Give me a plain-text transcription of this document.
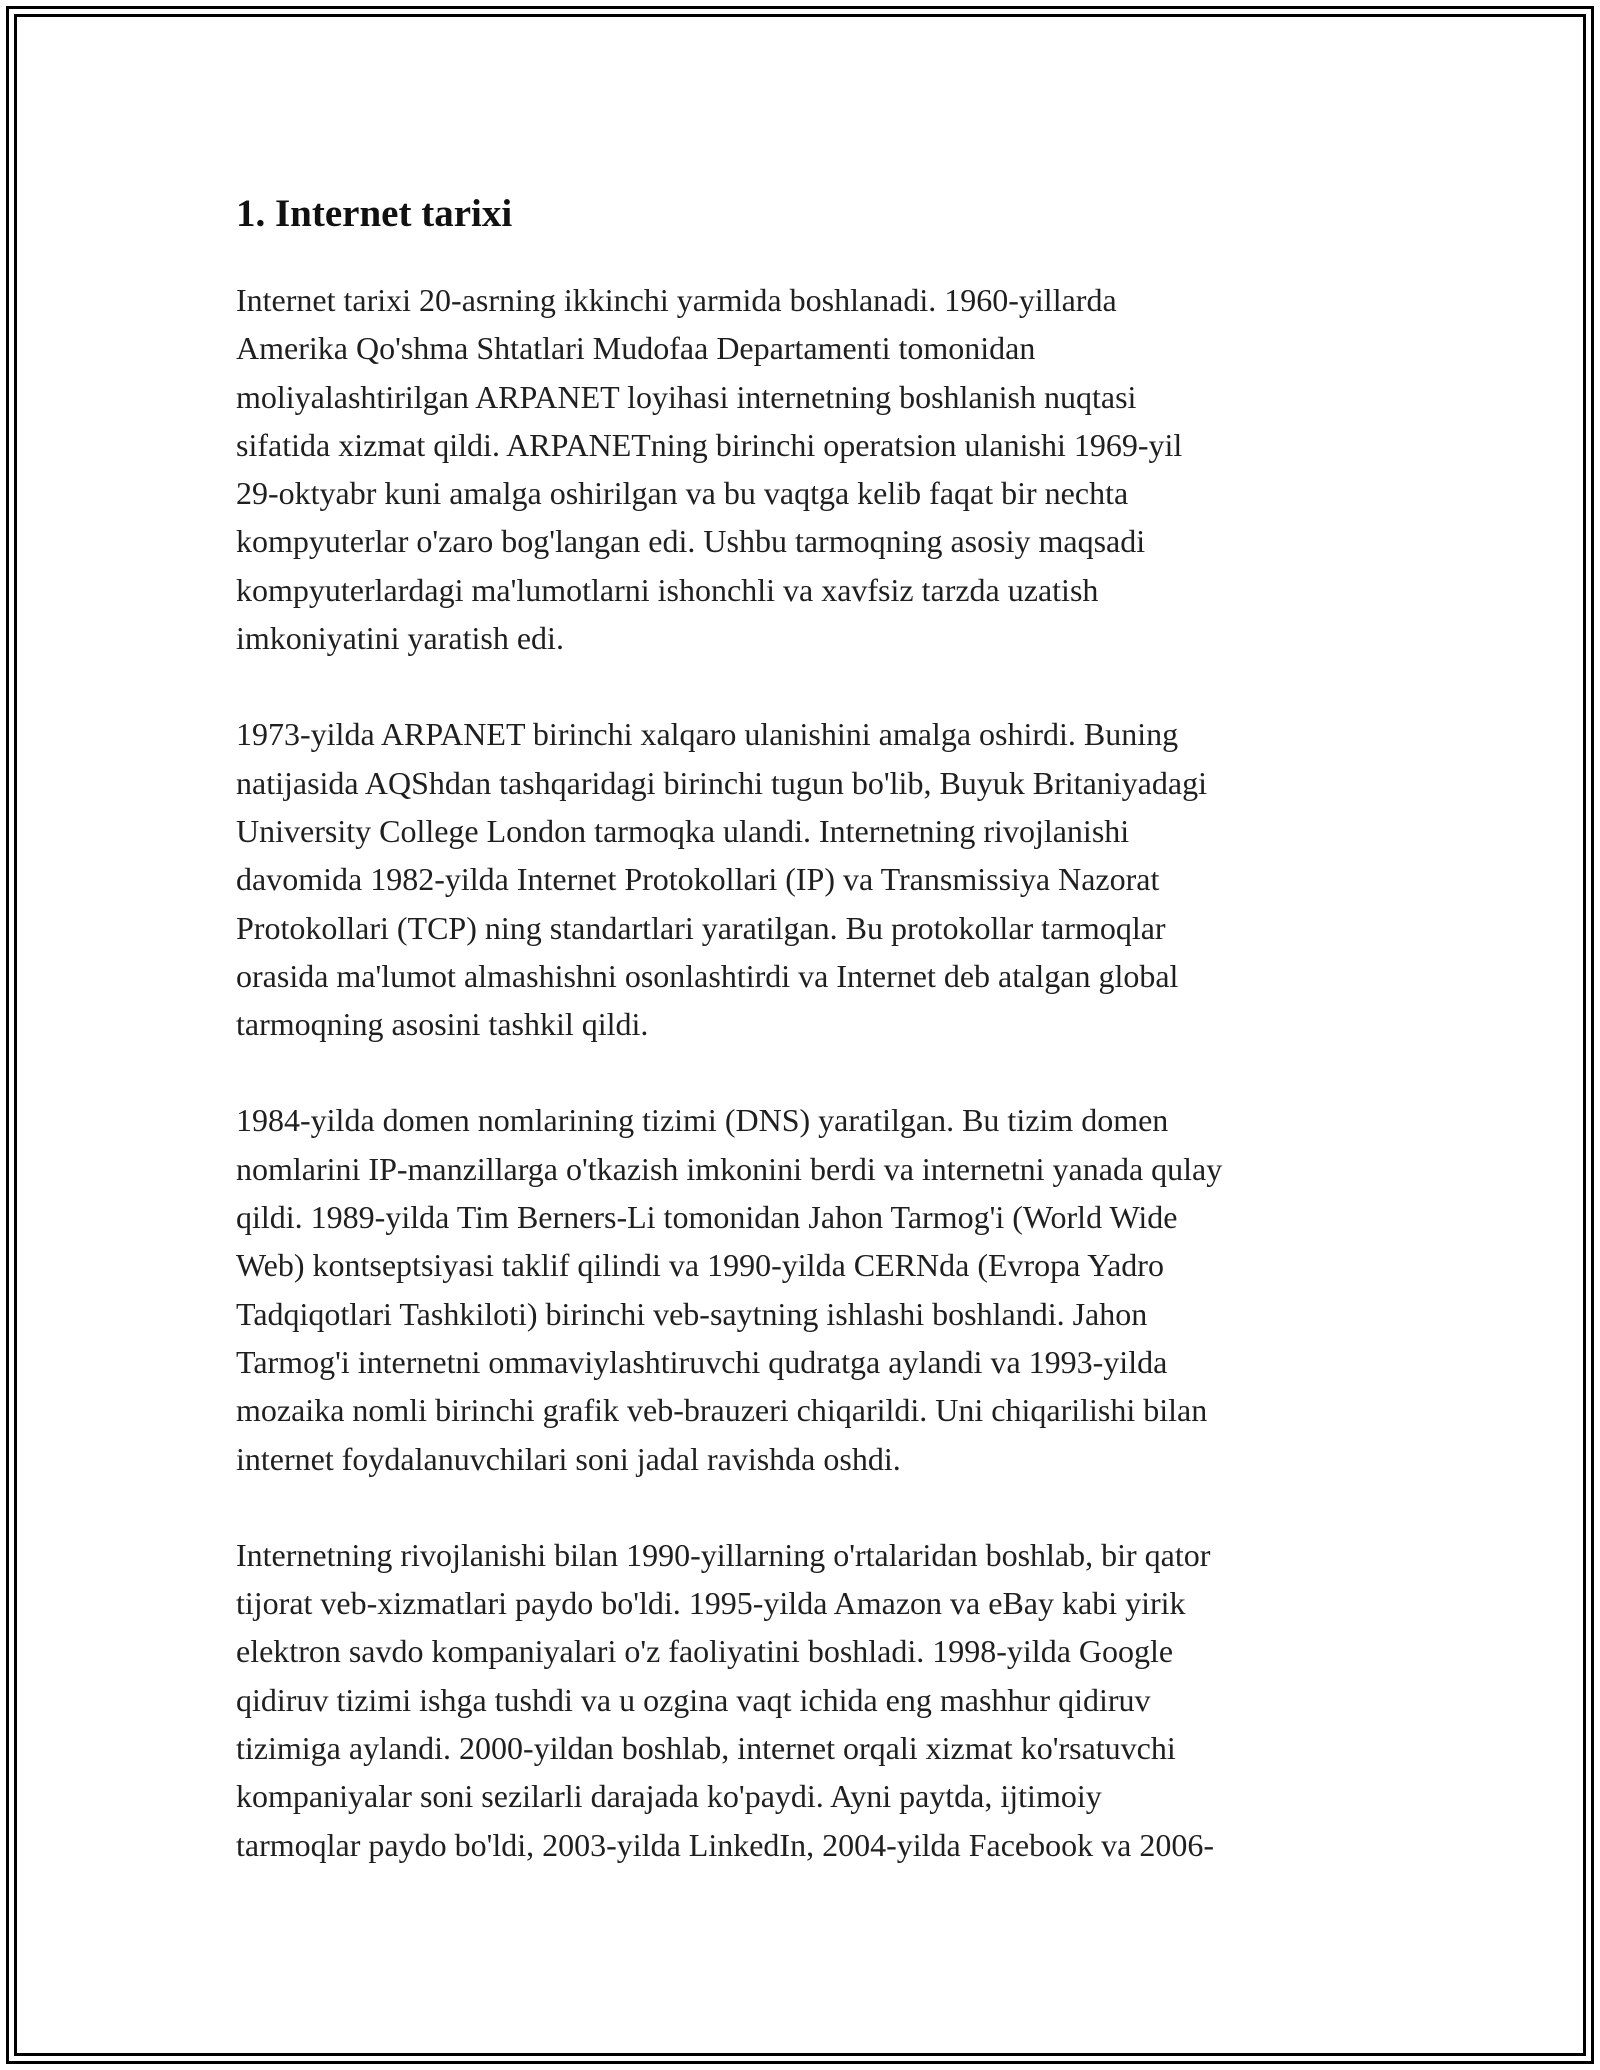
1. Internet tarixi

Internet tarixi 20-asrning ikkinchi yarmida boshlanadi. 1960-yillarda
Amerika Qo'shma Shtatlari Mudofaa Departamenti tomonidan
moliyalashtirilgan ARPANET loyihasi internetning boshlanish nuqtasi
sifatida xizmat qildi. ARPANETning birinchi operatsion ulanishi 1969-yil
29-oktyabr kuni amalga oshirilgan va bu vaqtga kelib faqat bir nechta
kompyuterlar o'zaro bog'langan edi. Ushbu tarmoqning asosiy maqsadi
kompyuterlardagi ma'lumotlarni ishonchli va xavfsiz tarzda uzatish
imkoniyatini yaratish edi.

1973-yilda ARPANET birinchi xalqaro ulanishini amalga oshirdi. Buning
natijasida AQShdan tashqaridagi birinchi tugun bo'lib, Buyuk Britaniyadagi
University College London tarmoqka ulandi. Internetning rivojlanishi
davomida 1982-yilda Internet Protokollari (IP) va Transmissiya Nazorat
Protokollari (TCP) ning standartlari yaratilgan. Bu protokollar tarmoqlar
orasida ma'lumot almashishni osonlashtirdi va Internet deb atalgan global
tarmoqning asosini tashkil qildi.

1984-yilda domen nomlarining tizimi (DNS) yaratilgan. Bu tizim domen
nomlarini IP-manzillarga o'tkazish imkonini berdi va internetni yanada qulay
qildi. 1989-yilda Tim Berners-Li tomonidan Jahon Tarmog'i (World Wide
Web) kontseptsiyasi taklif qilindi va 1990-yilda CERNda (Evropa Yadro
Tadqiqotlari Tashkiloti) birinchi veb-saytning ishlashi boshlandi. Jahon
Tarmog'i internetni ommaviylashtiruvchi qudratga aylandi va 1993-yilda
mozaika nomli birinchi grafik veb-brauzeri chiqarildi. Uni chiqarilishi bilan
internet foydalanuvchilari soni jadal ravishda oshdi.

Internetning rivojlanishi bilan 1990-yillarning o'rtalaridan boshlab, bir qator
tijorat veb-xizmatlari paydo bo'ldi. 1995-yilda Amazon va eBay kabi yirik
elektron savdo kompaniyalari o'z faoliyatini boshladi. 1998-yilda Google
qidiruv tizimi ishga tushdi va u ozgina vaqt ichida eng mashhur qidiruv
tizimiga aylandi. 2000-yildan boshlab, internet orqali xizmat ko'rsatuvchi
kompaniyalar soni sezilarli darajada ko'paydi. Ayni paytda, ijtimoiy
tarmoqlar paydo bo'ldi, 2003-yilda LinkedIn, 2004-yilda Facebook va 2006-
